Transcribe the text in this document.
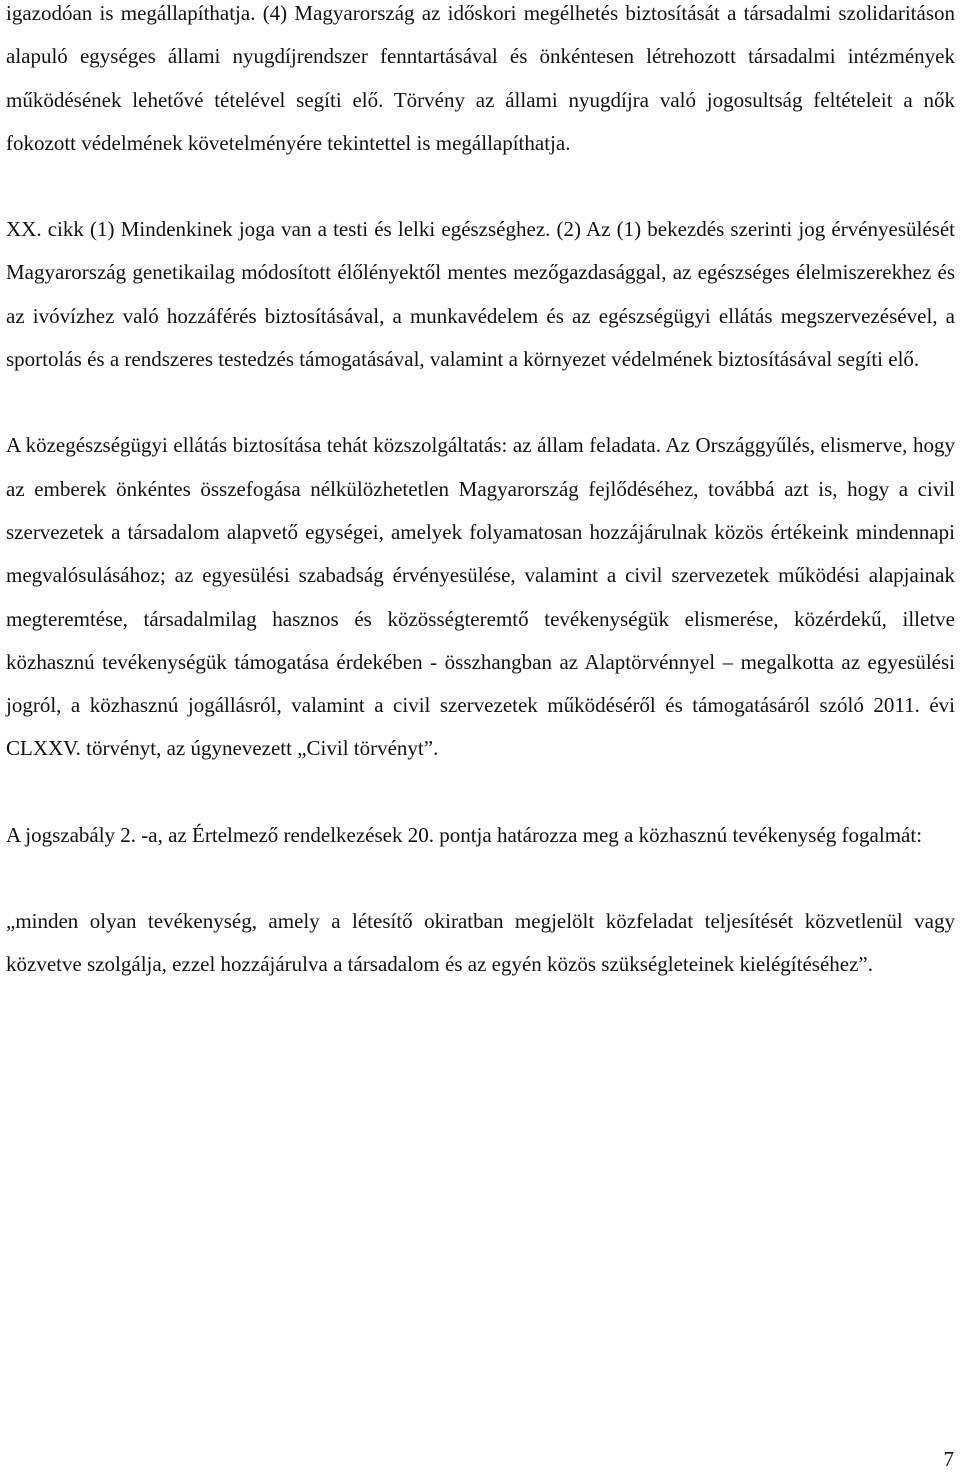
igazodóan is megállapíthatja. (4) Magyarország az időskori megélhetés biztosítását a társadalmi szolidaritáson alapuló egységes állami nyugdíjrendszer fenntartásával és önkéntesen létrehozott társadalmi intézmények működésének lehetővé tételével segíti elő. Törvény az állami nyugdíjra való jogosultság feltételeit a nők fokozott védelmének követelményére tekintettel is megállapíthatja.

XX. cikk (1) Mindenkinek joga van a testi és lelki egészséghez. (2) Az (1) bekezdés szerinti jog érvényesülését Magyarország genetikailag módosított élőlényektől mentes mezőgazdasággal, az egészséges élelmiszerekhez és az ivóvízhez való hozzáférés biztosításával, a munkavédelem és az egészségügyi ellátás megszervezésével, a sportolás és a rendszeres testedzés támogatásával, valamint a környezet védelmének biztosításával segíti elő.

A közegészségügyi ellátás biztosítása tehát közszolgáltatás: az állam feladata. Az Országgyűlés, elismerve, hogy az emberek önkéntes összefogása nélkülözhetetlen Magyarország fejlődéséhez, továbbá azt is, hogy a civil szervezetek a társadalom alapvető egységei, amelyek folyamatosan hozzájárulnak közös értékeink mindennapi megvalósulásához; az egyesülési szabadság érvényesülése, valamint a civil szervezetek működési alapjainak megteremtése, társadalmilag hasznos és közösségteremtő tevékenységük elismerése, közérdekű, illetve közhasznú tevékenységük támogatása érdekében - összhangban az Alaptörvénnyel – megalkotta az egyesülési jogról, a közhasznú jogállásról, valamint a civil szervezetek működéséről és támogatásáról szóló 2011. évi CLXXV. törvényt, az úgynevezett „Civil törvényt”.

A jogszabály 2. -a, az Értelmező rendelkezések 20. pontja határozza meg a közhasznú tevékenység fogalmát:

„minden olyan tevékenység, amely a létesítő okiratban megjelölt közfeladat teljesítését közvetlenül vagy közvetve szolgálja, ezzel hozzájárulva a társadalom és az egyén közös szükségleteinek kielégítéséhez”.

7
